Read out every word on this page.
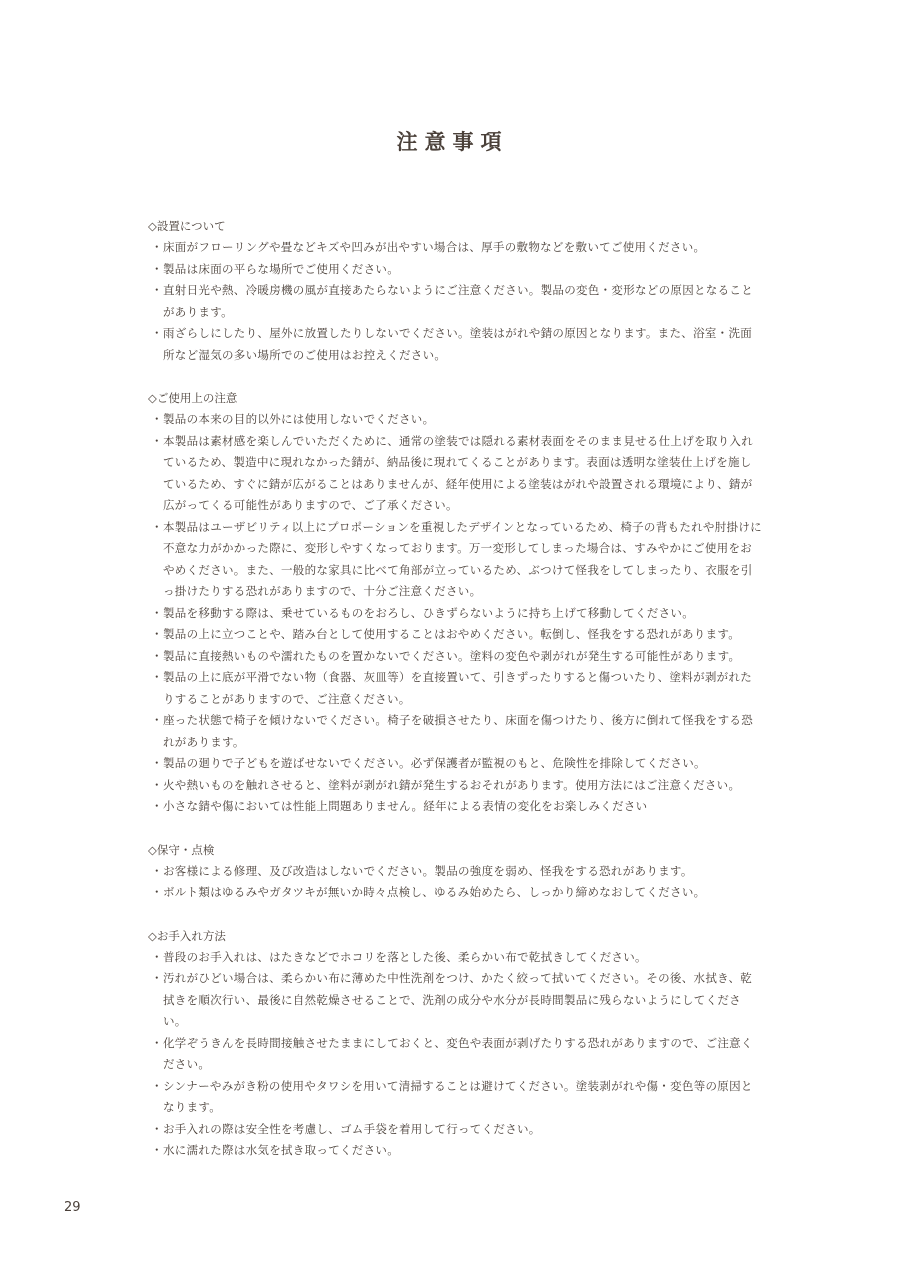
注意事項
◇設置について
・ 床面がフローリングや畳などキズや凹みが出やすい場合は、厚手の敷物などを敷いてご使用ください。
・ 製品は床面の平らな場所でご使用ください。
・ 直射日光や熱、冷暖房機の風が直接あたらないようにご注意ください。製品の変色・変形などの原因となることがあります。
・ 雨ざらしにしたり、屋外に放置したりしないでください。塗装はがれや錆の原因となります。また、浴室・洗面所など湿気の多い場所でのご使用はお控えください。
◇ご使用上の注意
・ 製品の本来の目的以外には使用しないでください。
・ 本製品は素材感を楽しんでいただくために、通常の塗装では隠れる素材表面をそのまま見せる仕上げを取り入れているため、製造中に現れなかった錆が、納品後に現れてくることがあります。表面は透明な塗装仕上げを施しているため、すぐに錆が広がることはありませんが、経年使用による塗装はがれや設置される環境により、錆が広がってくる可能性がありますので、ご了承ください。
・ 本製品はユーザビリティ以上にプロポーションを重視したデザインとなっているため、椅子の背もたれや肘掛けに不意な力がかかった際に、変形しやすくなっております。万一変形してしまった場合は、すみやかにご使用をおやめください。また、一般的な家具に比べて角部が立っているため、ぶつけて怪我をしてしまったり、衣服を引っ掛けたりする恐れがありますので、十分ご注意ください。
・ 製品を移動する際は、乗せているものをおろし、ひきずらないように持ち上げて移動してください。
・ 製品の上に立つことや、踏み台として使用することはおやめください。転倒し、怪我をする恐れがあります。
・ 製品に直接熱いものや濡れたものを置かないでください。塗料の変色や剥がれが発生する可能性があります。
・ 製品の上に底が平滑でない物（食器、灰皿等）を直接置いて、引きずったりすると傷ついたり、塗料が剥がれたりすることがありますので、ご注意ください。
・ 座った状態で椅子を傾けないでください。椅子を破損させたり、床面を傷つけたり、後方に倒れて怪我をする恐れがあります。
・ 製品の廻りで子どもを遊ばせないでください。必ず保護者が監視のもと、危険性を排除してください。
・ 火や熱いものを触れさせると、塗料が剥がれ錆が発生するおそれがあります。使用方法にはご注意ください。
・ 小さな錆や傷においては性能上問題ありません。経年による表情の変化をお楽しみください
◇保守・点検
・ お客様による修理、及び改造はしないでください。製品の強度を弱め、怪我をする恐れがあります。
・ ボルト類はゆるみやガタツキが無いか時々点検し、ゆるみ始めたら、しっかり締めなおしてください。
◇お手入れ方法
・ 普段のお手入れは、はたきなどでホコリを落とした後、柔らかい布で乾拭きしてください。
・ 汚れがひどい場合は、柔らかい布に薄めた中性洗剤をつけ、かたく絞って拭いてください。その後、水拭き、乾拭きを順次行い、最後に自然乾燥させることで、洗剤の成分や水分が長時間製品に残らないようにしてください。
・ 化学ぞうきんを長時間接触させたままにしておくと、変色や表面が剥げたりする恐れがありますので、ご注意ください。
・ シンナーやみがき粉の使用やタワシを用いて清掃することは避けてください。塗装剥がれや傷・変色等の原因となります。
・ お手入れの際は安全性を考慮し、ゴム手袋を着用して行ってください。
・ 水に濡れた際は水気を拭き取ってください。
29
